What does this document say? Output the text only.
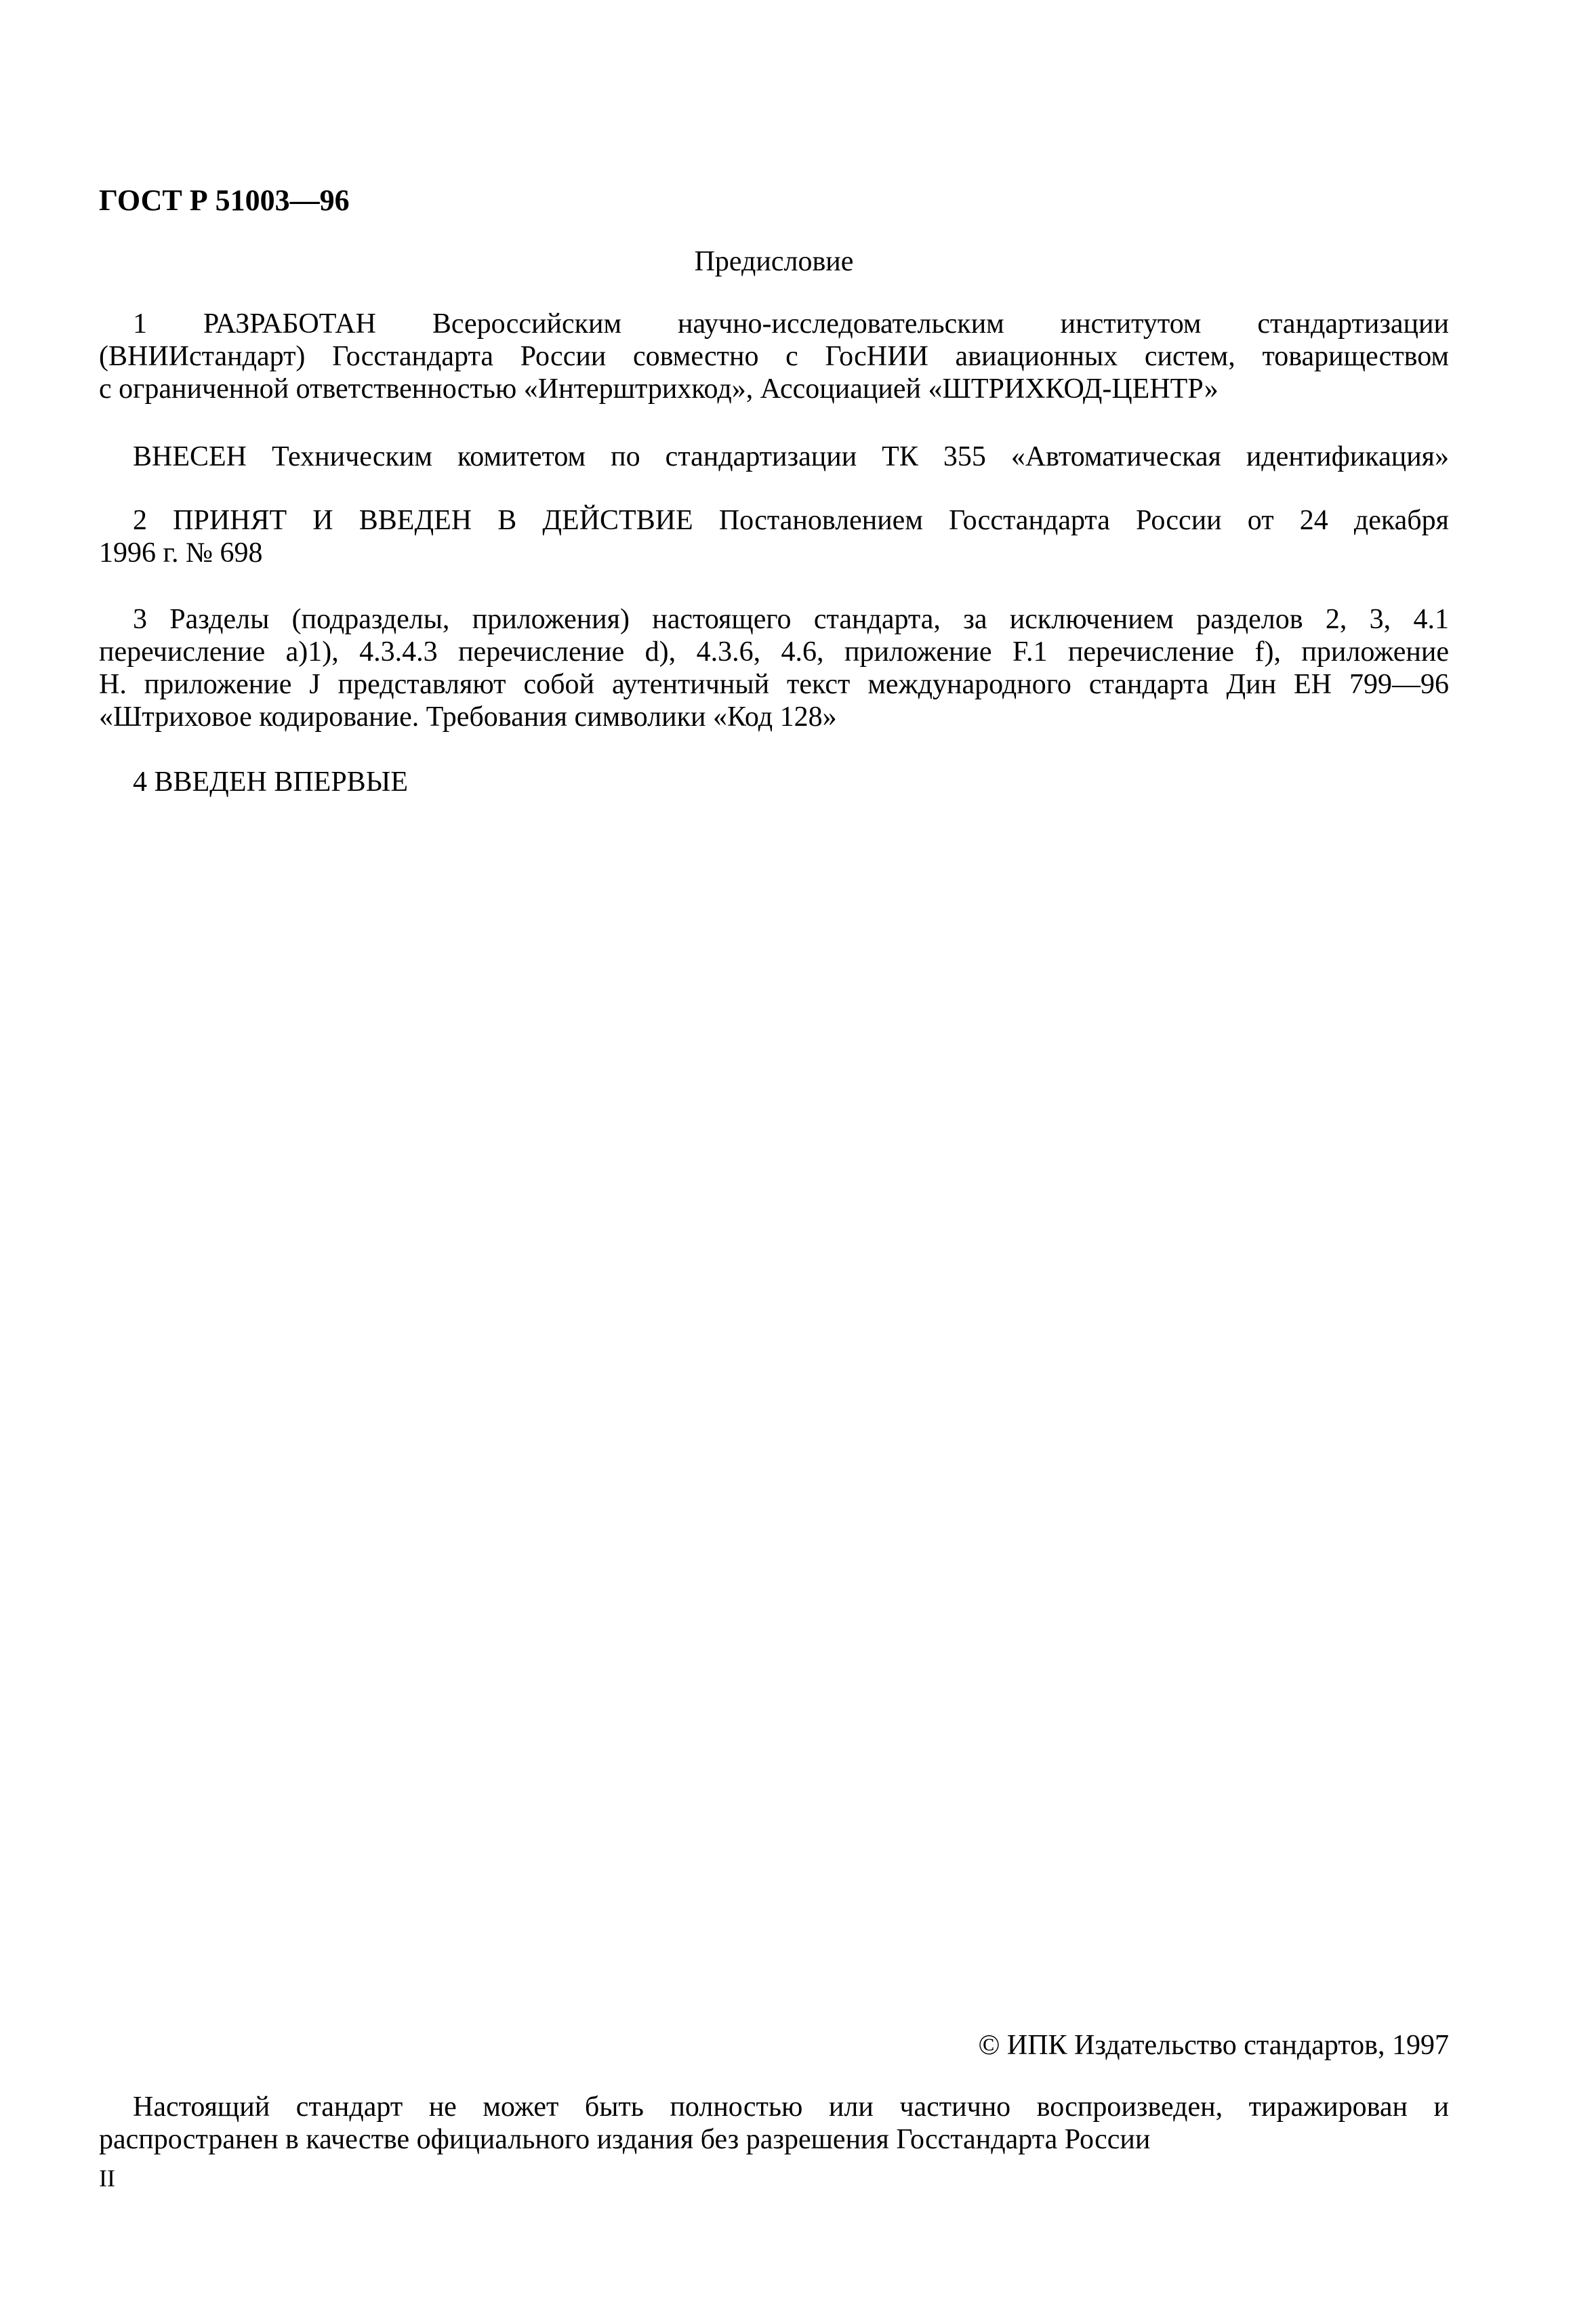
ГОСТ Р 51003—96
Предисловие
1 РАЗРАБОТАН Всероссийским научно-исследовательским институтом стандартизации
(ВНИИстандарт) Госстандарта России совместно с ГосНИИ авиационных систем, товариществом
с ограниченной ответственностью «Интерштрихкод», Ассоциацией «ШТРИХКОД-ЦЕНТР»
ВНЕСЕН Техническим комитетом по стандартизации ТК 355 «Автоматическая идентификация»
2 ПРИНЯТ И ВВЕДЕН В ДЕЙСТВИЕ Постановлением Госстандарта России от 24 декабря
1996 г. № 698
3 Разделы (подразделы, приложения) настоящего стандарта, за исключением разделов 2, 3, 4.1
перечисление а)1), 4.3.4.3 перечисление d), 4.3.6, 4.6, приложение F.1 перечисление f), приложение
Н. приложение J представляют собой аутентичный текст международного стандарта Дин ЕН 799—96
«Штриховое кодирование. Требования символики «Код 128»
4 ВВЕДЕН ВПЕРВЫЕ
© ИПК Издательство стандартов, 1997
Настоящий стандарт не может быть полностью или частично воспроизведен, тиражирован и
распространен в качестве официального издания без разрешения Госстандарта России
II
